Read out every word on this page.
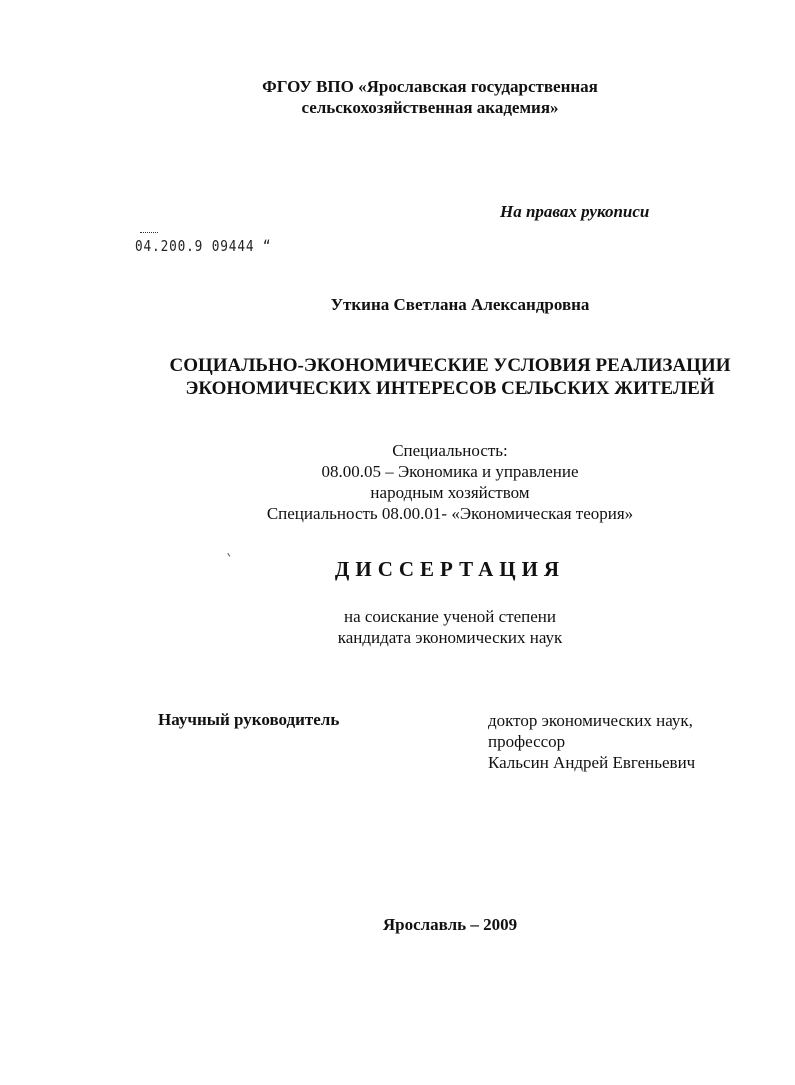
ФГОУ ВПО «Ярославская государственная
сельскохозяйственная академия»
На правах рукописи
04.200.9 09444 “
Уткина Светлана Александровна
СОЦИАЛЬНО-ЭКОНОМИЧЕСКИЕ УСЛОВИЯ РЕАЛИЗАЦИИ
ЭКОНОМИЧЕСКИХ ИНТЕРЕСОВ СЕЛЬСКИХ ЖИТЕЛЕЙ
Специальность:
08.00.05 – Экономика и управление
народным хозяйством
Специальность 08.00.01- «Экономическая теория»
ДИССЕРТАЦИЯ
на соискание ученой степени
кандидата экономических наук
Научный руководитель	доктор экономических наук,
профессор
Кальсин Андрей Евгеньевич
Ярославль – 2009
